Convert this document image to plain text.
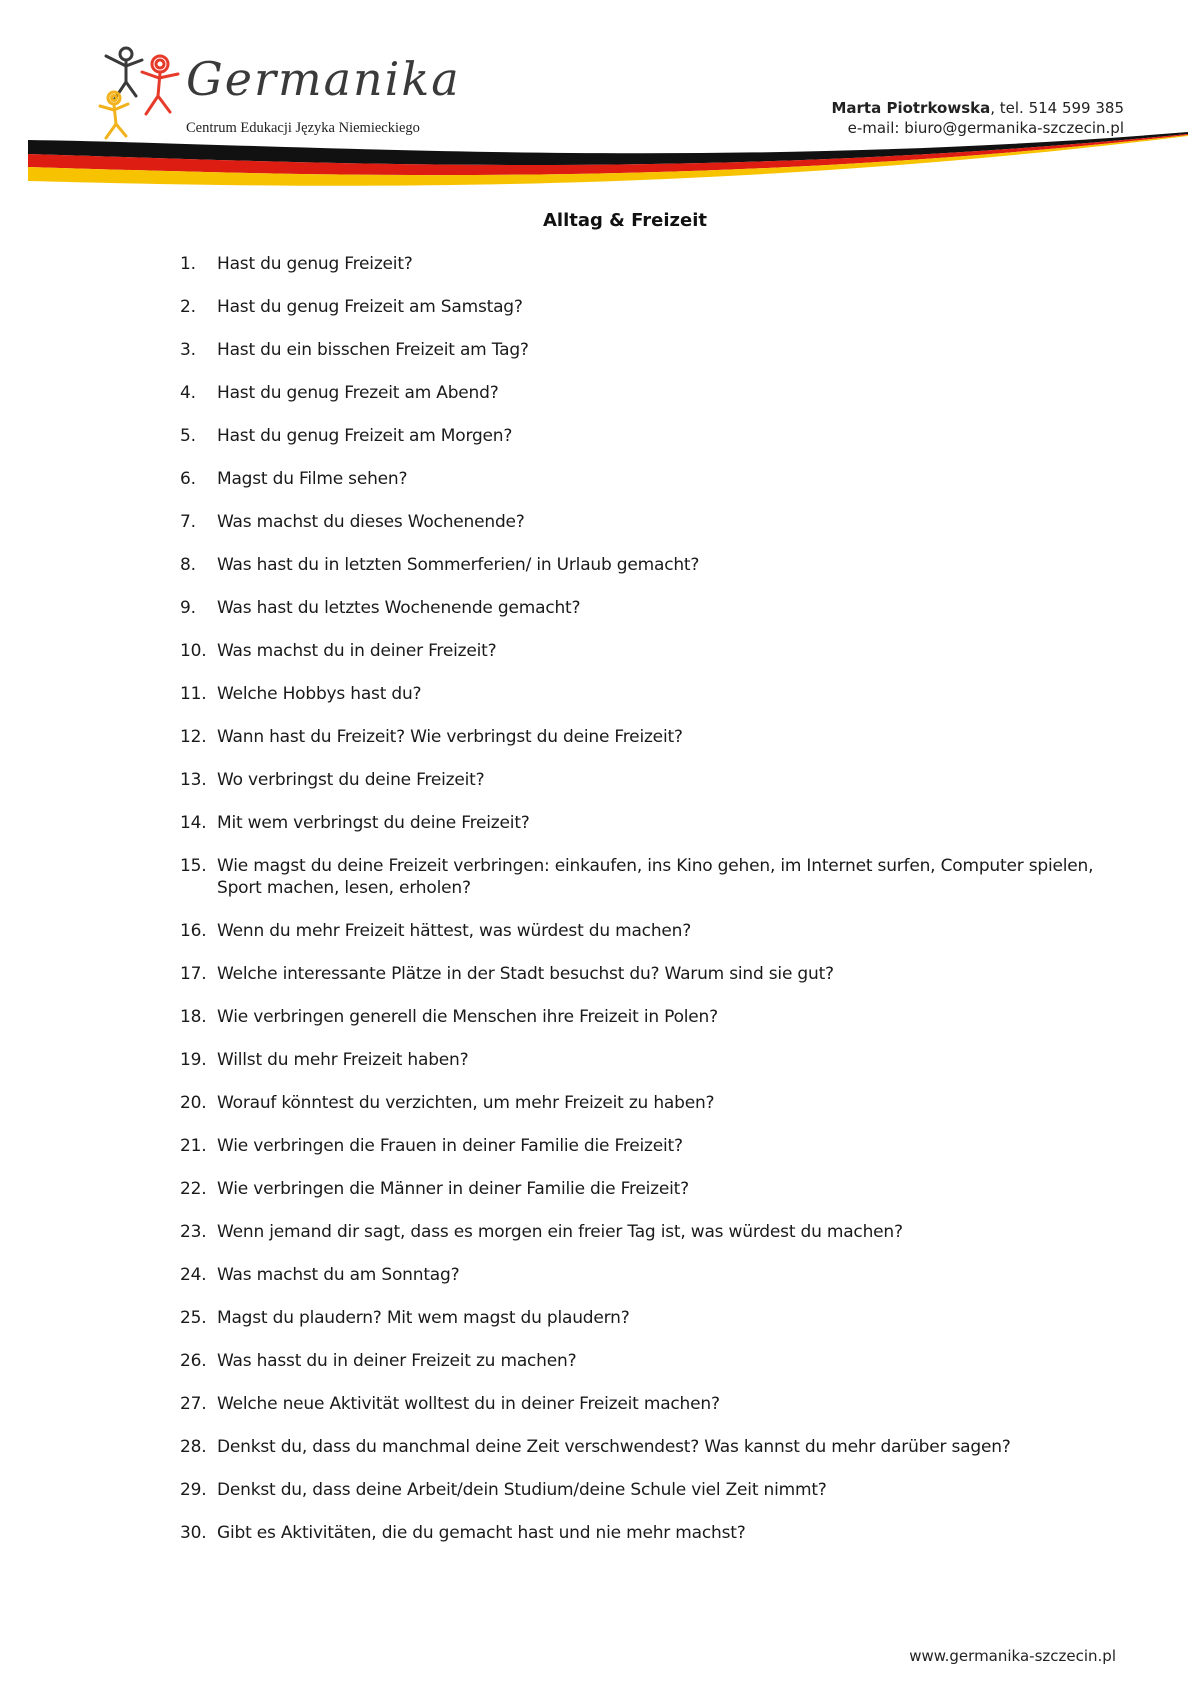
Germanika
Centrum Edukacji Języka Niemieckiego
Marta Piotrkowska, tel. 514 599 385
e-mail: biuro@germanika-szczecin.pl
Alltag & Freizeit
1.	Hast du genug Freizeit?
2.	Hast du genug Freizeit am Samstag?
3.	Hast du ein bisschen Freizeit am Tag?
4.	Hast du genug Frezeit am Abend?
5.	Hast du genug Freizeit am Morgen?
6.	Magst du Filme sehen?
7.	Was machst du dieses Wochenende?
8.	Was hast du in letzten Sommerferien/ in Urlaub gemacht?
9.	Was hast du letztes Wochenende gemacht?
10. Was machst du in deiner Freizeit?
11. Welche Hobbys hast du?
12. Wann hast du Freizeit? Wie verbringst du deine Freizeit?
13. Wo verbringst du deine Freizeit?
14. Mit wem verbringst du deine Freizeit?
15. Wie magst du deine Freizeit verbringen: einkaufen, ins Kino gehen, im Internet surfen, Computer spielen, Sport machen, lesen, erholen?
16. Wenn du mehr Freizeit hättest, was würdest du machen?
17. Welche interessante Plätze in der Stadt besuchst du? Warum sind sie gut?
18. Wie verbringen generell die Menschen ihre Freizeit in Polen?
19. Willst du mehr Freizeit haben?
20. Worauf könntest du verzichten, um mehr Freizeit zu haben?
21. Wie verbringen die Frauen in deiner Familie die Freizeit?
22. Wie verbringen die Männer in deiner Familie die Freizeit?
23. Wenn jemand dir sagt, dass es morgen ein freier Tag ist, was würdest du machen?
24. Was machst du am Sonntag?
25. Magst du plaudern? Mit wem magst du plaudern?
26. Was hasst du in deiner Freizeit zu machen?
27. Welche neue Aktivität wolltest du in deiner Freizeit machen?
28. Denkst du, dass du manchmal deine Zeit verschwendest? Was kannst du mehr darüber sagen?
29. Denkst du, dass deine Arbeit/dein Studium/deine Schule viel Zeit nimmt?
30. Gibt es Aktivitäten, die du gemacht hast und nie mehr machst?
www.germanika-szczecin.pl
